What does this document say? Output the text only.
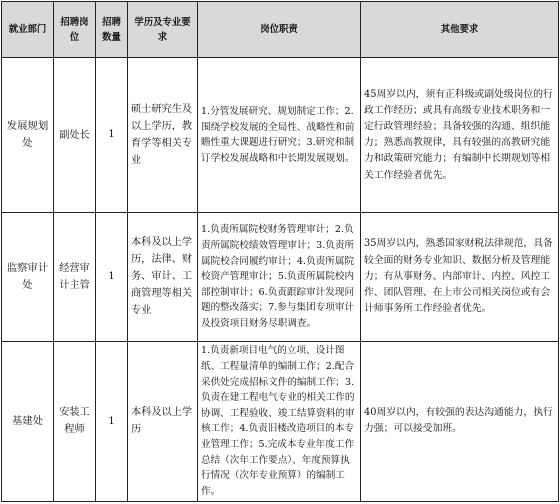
就业部门	招聘岗位	招聘数量	学历及专业要求	岗位职责	其他要求
发展规划处	副处长	1	硕士研究生及以上学历，教育学等相关专业	1.分管发展研究、规划制定工作；2.围绕学校发展的全局性、战略性和前瞻性重大课题进行研究；3.研究和制订学校发展战略和中长期发展规划。	45周岁以内，须有正科级或副处级岗位的行政工作经历；或具有高级专业技术职务和一定行政管理经验；具备较强的沟通、组织能力；熟悉高教规律，具有较强的高教研究能力和政策研究能力；有编制中长期规划等相关工作经验者优先。
监察审计处	经营审计主管	1	本科及以上学历，法律、财务、审计、工商管理等相关专业	1.负责所属院校财务管理审计；2.负责所属院校绩效管理审计；3.负责所属院校合同履约审计；4.负责所属院校资产管理审计；5.负责所属院校内部控制审计；6.负责跟踪审计发现问题的整改落实；7.参与集团专项审计及投资项目财务尽职调查。	35周岁以内，熟悉国家财税法律规范，具备较全面的财务专业知识、数据分析及管理能力；有从事财务、内部审计、内控、风控工作、团队管理、在上市公司相关岗位或有会计师事务所工作经验者优先。
基建处	安装工程师	1	本科及以上学历	1.负责新项目电气的立项、设计图纸、工程量清单的编制工作；2.配合采供处完成招标文件的编制工作；3.负责在建工程电气专业的相关工作的协调、工程验收、竣工结算资料的审核工作；4.负责旧楼改造项目的本专业管理工作；5.完成本专业年度工作总结（次年工作要点）、年度预算执行情况（次年专业预算）的编制工作。	40周岁以内，有较强的表达沟通能力，执行力强；可以接受加班。
